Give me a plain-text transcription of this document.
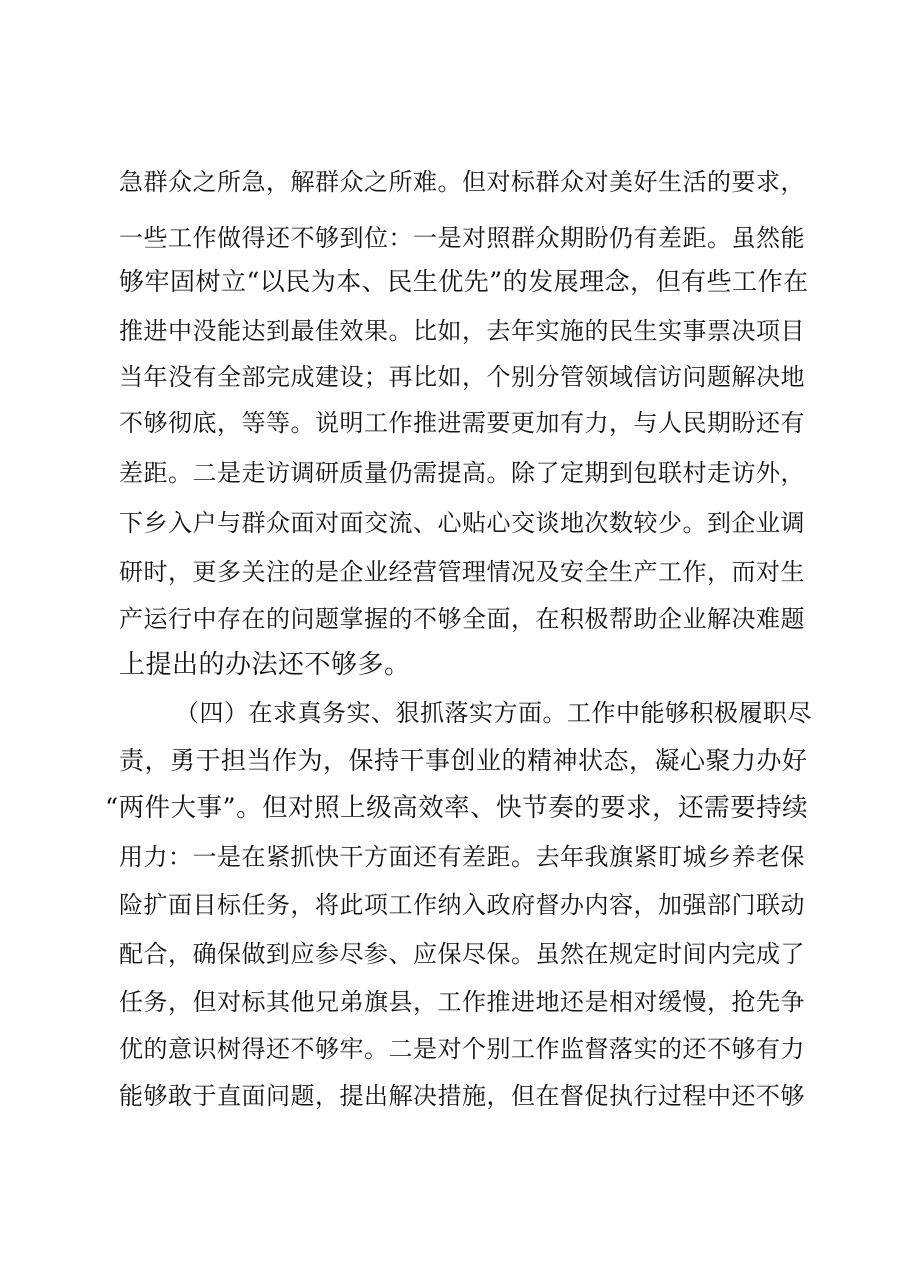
急群众之所急，解群众之所难。但对标群众对美好生活的要求，
一些工作做得还不够到位：一是对照群众期盼仍有差距。虽然能
够牢固树立“以民为本、民生优先”的发展理念，但有些工作在
推进中没能达到最佳效果。比如，去年实施的民生实事票决项目
当年没有全部完成建设；再比如，个别分管领域信访问题解决地
不够彻底，等等。说明工作推进需要更加有力，与人民期盼还有
差距。二是走访调研质量仍需提高。除了定期到包联村走访外，
下乡入户与群众面对面交流、心贴心交谈地次数较少。到企业调
研时，更多关注的是企业经营管理情况及安全生产工作，而对生
产运行中存在的问题掌握的不够全面，在积极帮助企业解决难题
上提出的办法还不够多。
（四）在求真务实、狠抓落实方面。工作中能够积极履职尽
责，勇于担当作为，保持干事创业的精神状态，凝心聚力办好
“两件大事”。但对照上级高效率、快节奏的要求，还需要持续
用力：一是在紧抓快干方面还有差距。去年我旗紧盯城乡养老保
险扩面目标任务，将此项工作纳入政府督办内容，加强部门联动
配合，确保做到应参尽参、应保尽保。虽然在规定时间内完成了
任务，但对标其他兄弟旗县，工作推进地还是相对缓慢，抢先争
优的意识树得还不够牢。二是对个别工作监督落实的还不够有力
能够敢于直面问题，提出解决措施，但在督促执行过程中还不够
